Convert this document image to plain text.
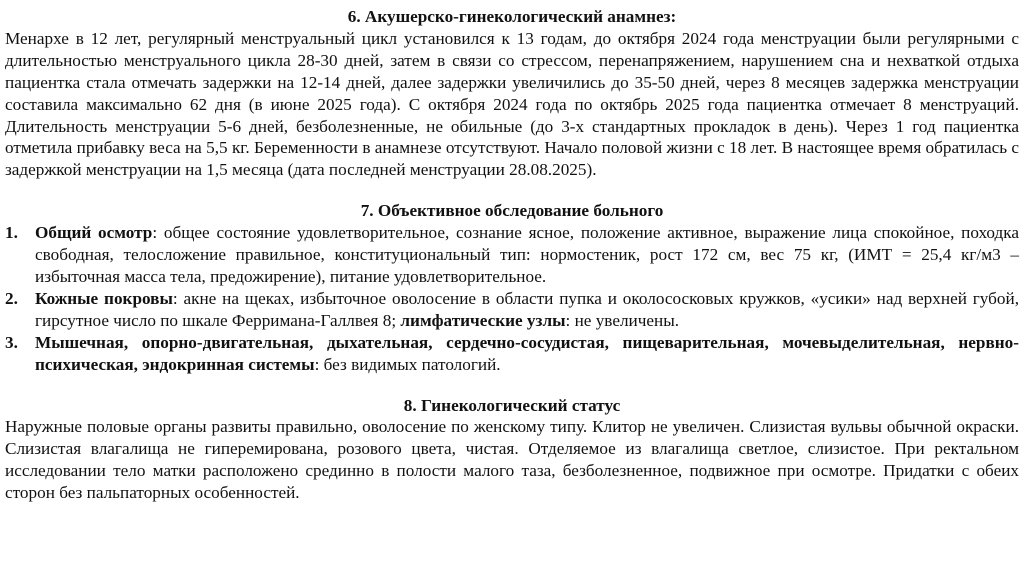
6. Акушерско-гинекологический анамнез:

Менархе в 12 лет, регулярный менструальный цикл установился к 13 годам, до октября 2024 года менструации были регулярными с длительностью менструального цикла 28-30 дней, затем в связи со стрессом, перенапряжением, нарушением сна и нехваткой отдыха пациентка стала отмечать задержки на 12-14 дней, далее задержки увеличились до 35-50 дней, через 8 месяцев задержка менструации составила максимально 62 дня (в июне 2025 года). С октября 2024 года по октябрь 2025 года пациентка отмечает 8 менструаций. Длительность менструации 5-6 дней, безболезненные, не обильные (до 3-х стандартных прокладок в день). Через 1 год пациентка отметила прибавку веса на 5,5 кг. Беременности в анамнезе отсутствуют. Начало половой жизни с 18 лет. В настоящее время обратилась с задержкой менструации на 1,5 месяца (дата последней менструации 28.08.2025).

7. Объективное обследование больного

1. Общий осмотр: общее состояние удовлетворительное, сознание ясное, положение активное, выражение лица спокойное, походка свободная, телосложение правильное, конституциональный тип: нормостеник, рост 172 см, вес 75 кг, (ИМТ = 25,4 кг/м3 – избыточная масса тела, предожирение), питание удовлетворительное.
2. Кожные покровы: акне на щеках, избыточное оволосение в области пупка и околососковых кружков, «усики» над верхней губой, гирсутное число по шкале Ферримана-Галлвея 8; лимфатические узлы: не увеличены.
3. Мышечная, опорно-двигательная, дыхательная, сердечно-сосудистая, пищеварительная, мочевыделительная, нервно-психическая, эндокринная системы: без видимых патологий.

8. Гинекологический статус

Наружные половые органы развиты правильно, оволосение по женскому типу. Клитор не увеличен. Слизистая вульвы обычной окраски. Слизистая влагалища не гиперемирована, розового цвета, чистая. Отделяемое из влагалища светлое, слизистое. При ректальном исследовании тело матки расположено срединно в полости малого таза, безболезненное, подвижное при осмотре. Придатки с обеих сторон без пальпаторных особенностей.
